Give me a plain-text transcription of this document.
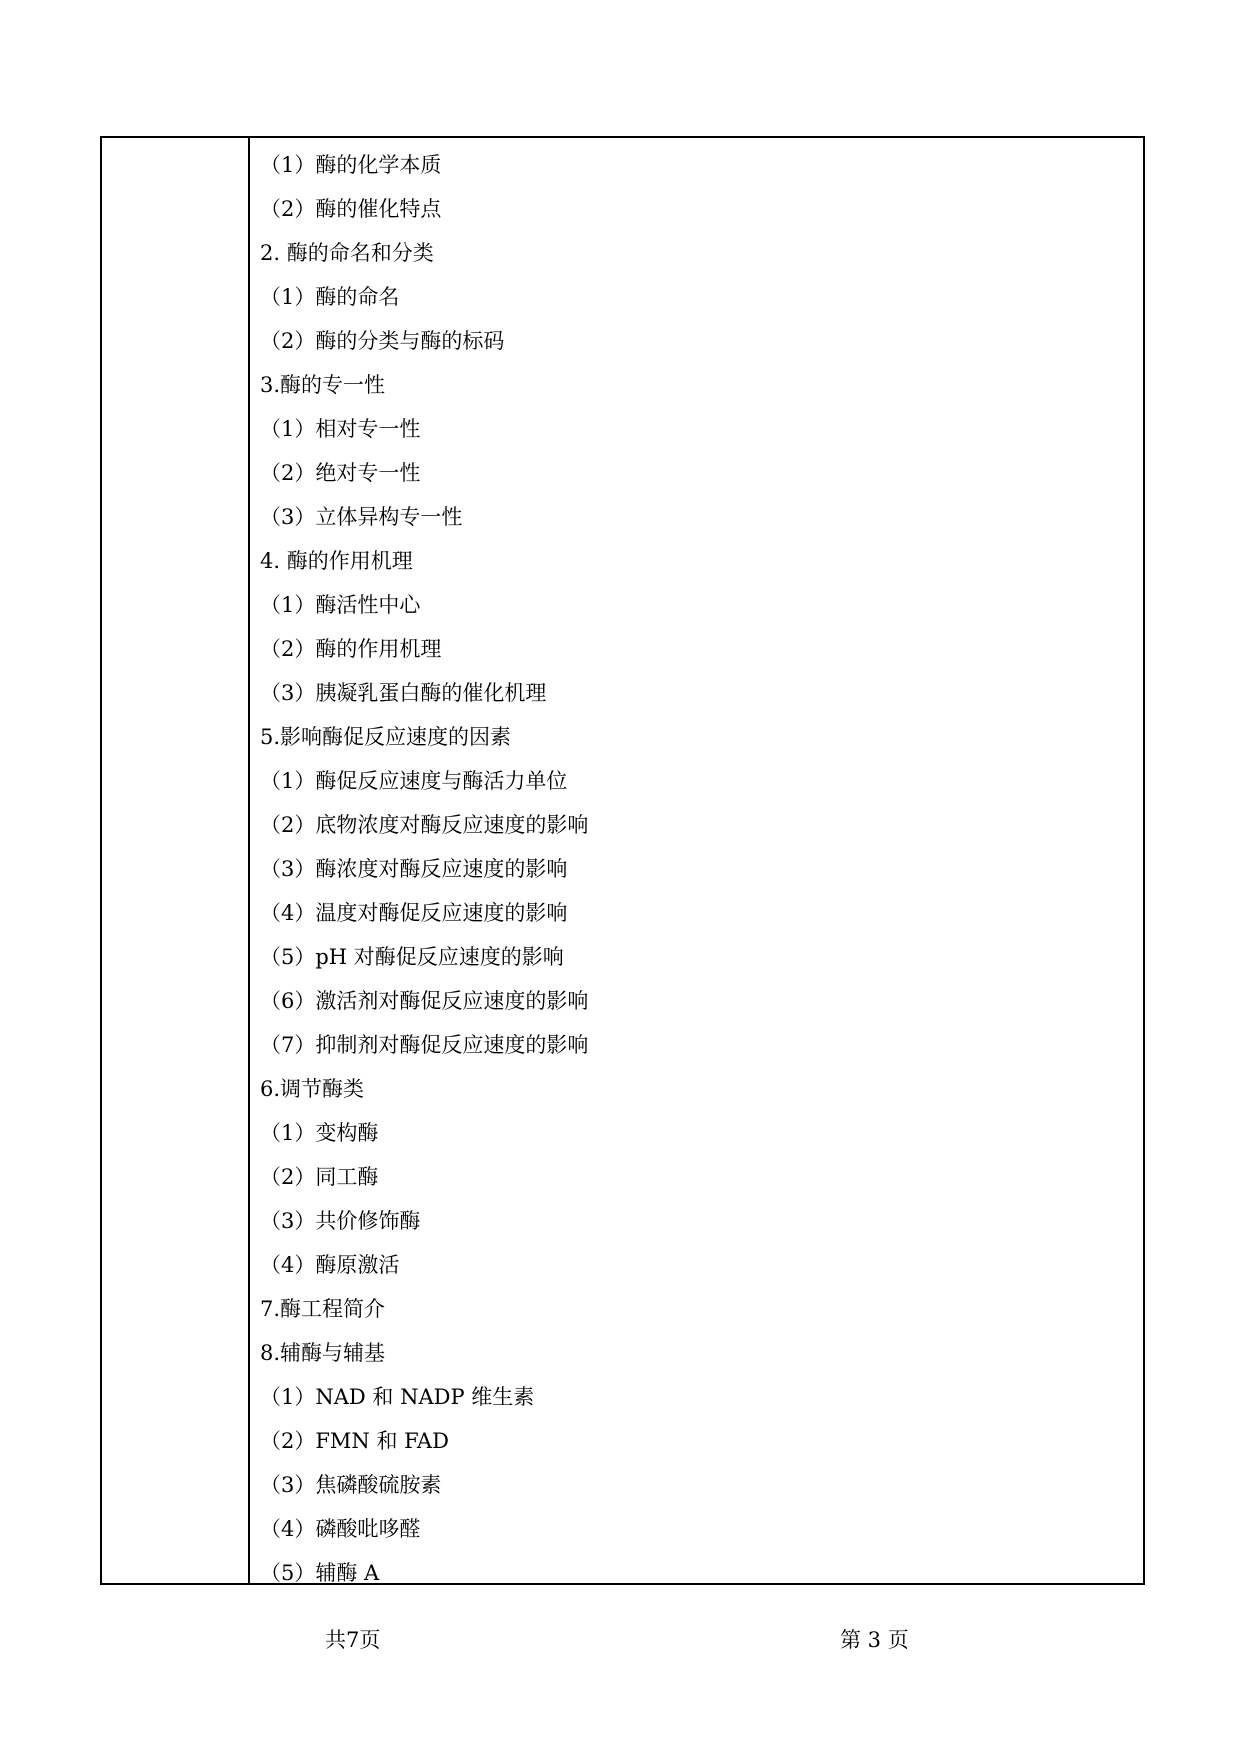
（1）酶的化学本质
（2）酶的催化特点
2. 酶的命名和分类
（1）酶的命名
（2）酶的分类与酶的标码
3.酶的专一性
（1）相对专一性
（2）绝对专一性
（3）立体异构专一性
4. 酶的作用机理
（1）酶活性中心
（2）酶的作用机理
（3）胰凝乳蛋白酶的催化机理
5.影响酶促反应速度的因素
（1）酶促反应速度与酶活力单位
（2）底物浓度对酶反应速度的影响
（3）酶浓度对酶反应速度的影响
（4）温度对酶促反应速度的影响
（5）pH 对酶促反应速度的影响
（6）激活剂对酶促反应速度的影响
（7）抑制剂对酶促反应速度的影响
6.调节酶类
（1）变构酶
（2）同工酶
（3）共价修饰酶
（4）酶原激活
7.酶工程简介
8.辅酶与辅基
（1）NAD 和 NADP 维生素
（2）FMN 和 FAD
（3）焦磷酸硫胺素
（4）磷酸吡哆醛
（5）辅酶 A
共7页	第 3 页
